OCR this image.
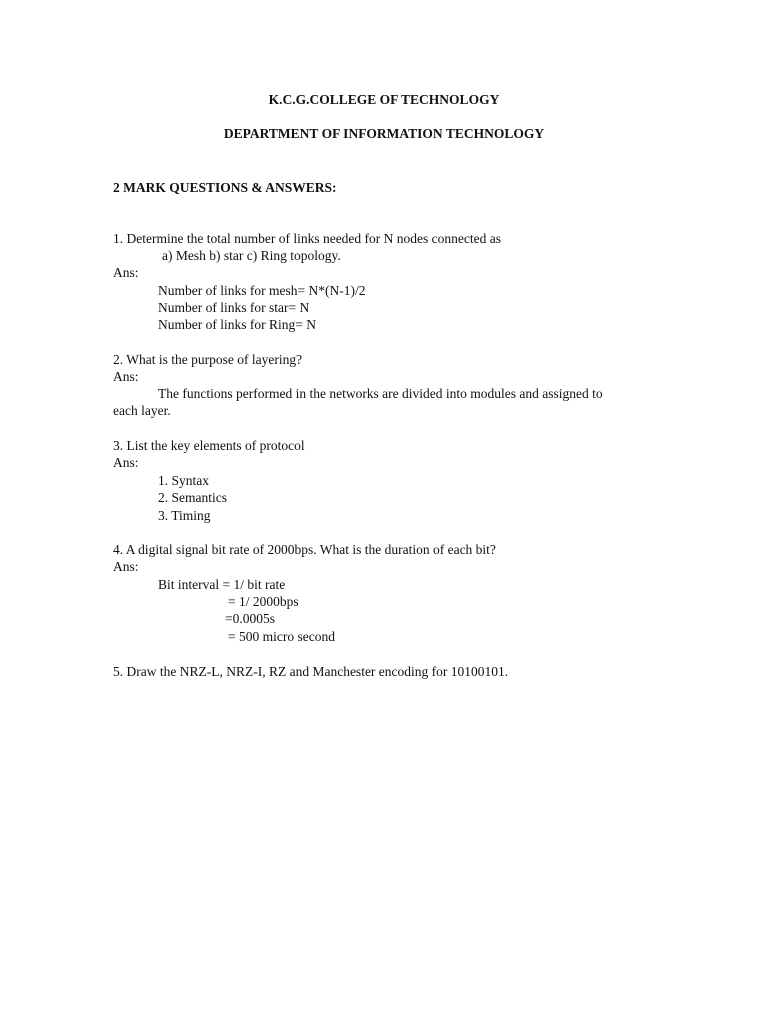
K.C.G.COLLEGE OF TECHNOLOGY
DEPARTMENT OF INFORMATION TECHNOLOGY
2 MARK QUESTIONS & ANSWERS:
1. Determine the total number of links needed for N nodes connected as
a) Mesh b) star c) Ring topology.
Ans:
Number of links for mesh= N*(N-1)/2
Number of links for star= N
Number of links for Ring= N
2. What is the purpose of layering?
Ans:
The functions performed in the networks are divided into modules and assigned to
each layer.
3. List the key elements of protocol
Ans:
1. Syntax
2. Semantics
3. Timing
4. A digital signal bit rate of 2000bps. What is the duration of each bit?
Ans:
Bit interval = 1/ bit rate
= 1/ 2000bps
=0.0005s
= 500 micro second
5. Draw the NRZ-L, NRZ-I, RZ and Manchester encoding for 10100101.
